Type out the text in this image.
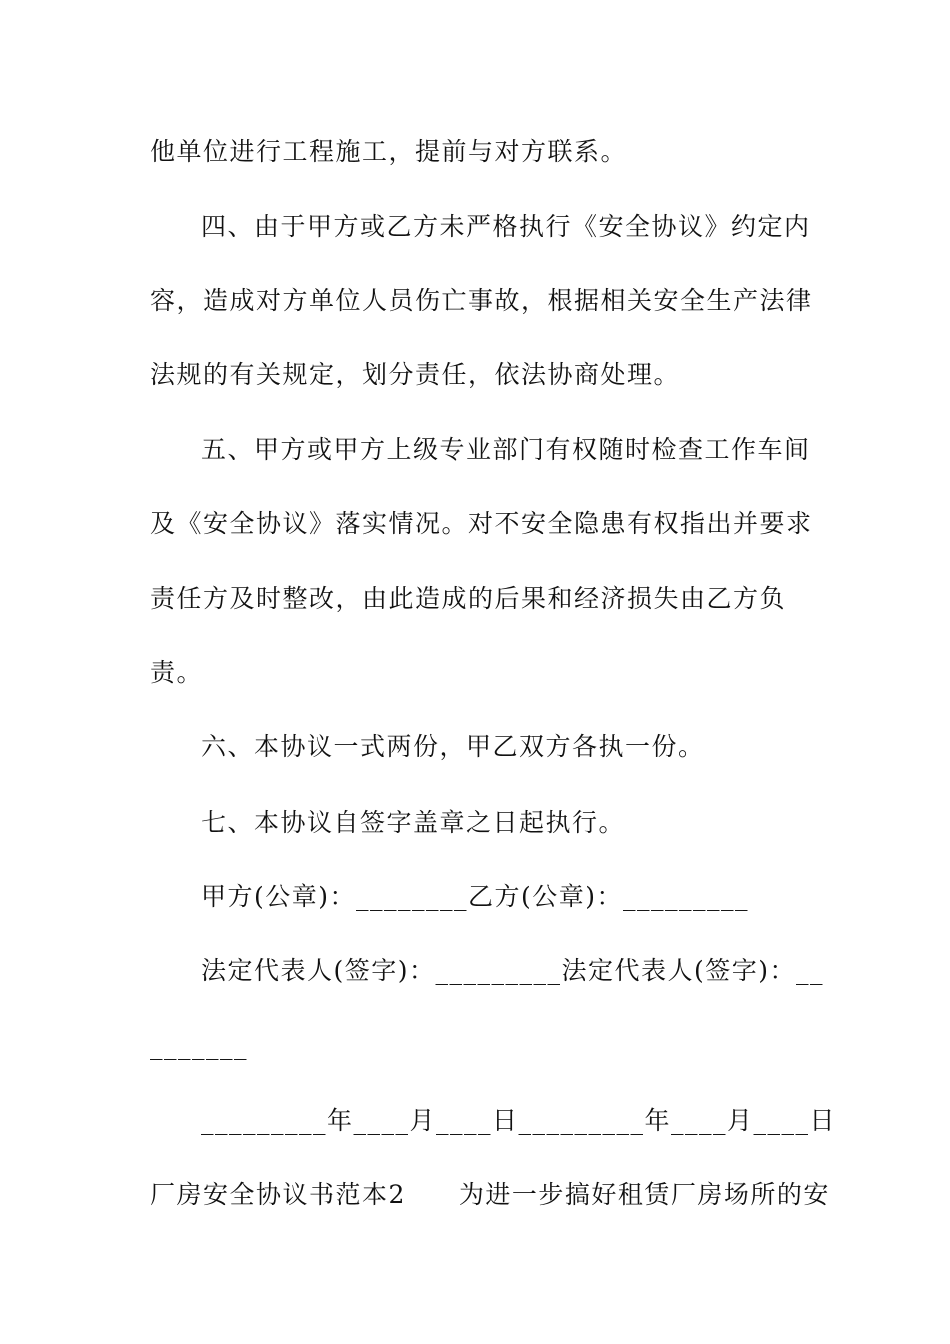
他单位进行工程施工，提前与对方联系。
四、由于甲方或乙方未严格执行《安全协议》约定内
容，造成对方单位人员伤亡事故，根据相关安全生产法律
法规的有关规定，划分责任，依法协商处理。
五、甲方或甲方上级专业部门有权随时检查工作车间
及《安全协议》落实情况。对不安全隐患有权指出并要求
责任方及时整改，由此造成的后果和经济损失由乙方负
责。
六、本协议一式两份，甲乙双方各执一份。
七、本协议自签字盖章之日起执行。
甲方(公章)：________乙方(公章)：_________
法定代表人(签字)：_________法定代表人(签字)：__
_______
_________年____月____日_________年____月____日
厂房安全协议书范本2　　为进一步搞好租赁厂房场所的安
